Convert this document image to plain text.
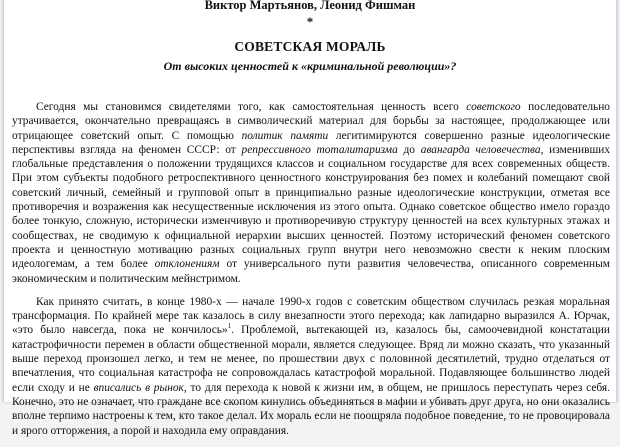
Виктор Мартьянов, Леонид Фишман
*
СОВЕТСКАЯ МОРАЛЬ
От высоких ценностей к «криминальной революции»?

Сегодня мы становимся свидетелями того, как самостоятельная ценность всего советского последовательно утрачивается, окончательно превращаясь в символический материал для борьбы за настоящее, продолжающее или отрицающее советский опыт. С помощью политик памяти легитимируются совершенно разные идеологические перспективы взгляда на феномен СССР: от репрессивного тоталитаризма до авангарда человечества, изменивших глобальные представления о положении трудящихся классов и социальном государстве для всех современных обществ. При этом субъекты подобного ретроспективного ценностного конструирования без помех и колебаний помещают свой советский личный, семейный и групповой опыт в принципиально разные идеологические конструкции, отметая все противоречия и возражения как несущественные исключения из этого опыта. Однако советское общество имело гораздо более тонкую, сложную, исторически изменчивую и противоречивую структуру ценностей на всех культурных этажах и сообществах, не сводимую к официальной иерархии высших ценностей. Поэтому исторический феномен советского проекта и ценностную мотивацию разных социальных групп внутри него невозможно свести к неким плоским идеологемам, а тем более отклонениям от универсального пути развития человечества, описанного современным экономическим и политическим мейнстримом.

Как принято считать, в конце 1980-х — начале 1990-х годов с советским обществом случилась резкая моральная трансформация. По крайней мере так казалось в силу внезапности этого перехода; как лапидарно выразился А. Юрчак, «это было навсегда, пока не кончилось»$^1$. Проблемой, вытекающей из, казалось бы, самоочевидной констатации катастрофичности перемен в области общественной морали, является следующее. Вряд ли можно сказать, что указанный выше переход произошел легко, и тем не менее, по прошествии двух с половиной десятилетий, трудно отделаться от впечатления, что социальная катастрофа не сопровождалась катастрофой моральной. Подавляющее большинство людей если сходу и не вписались в рынок, то для перехода к новой к жизни им, в общем, не пришлось переступать через себя. Конечно, это не означает, что граждане все скопом кинулись объединяться в мафии и убивать друг друга, но они оказались вполне терпимо настроены к тем, кто такое делал. Их мораль если не поощряла подобное поведение, то не провоцировала и ярого отторжения, а порой и находила ему оправдания.
